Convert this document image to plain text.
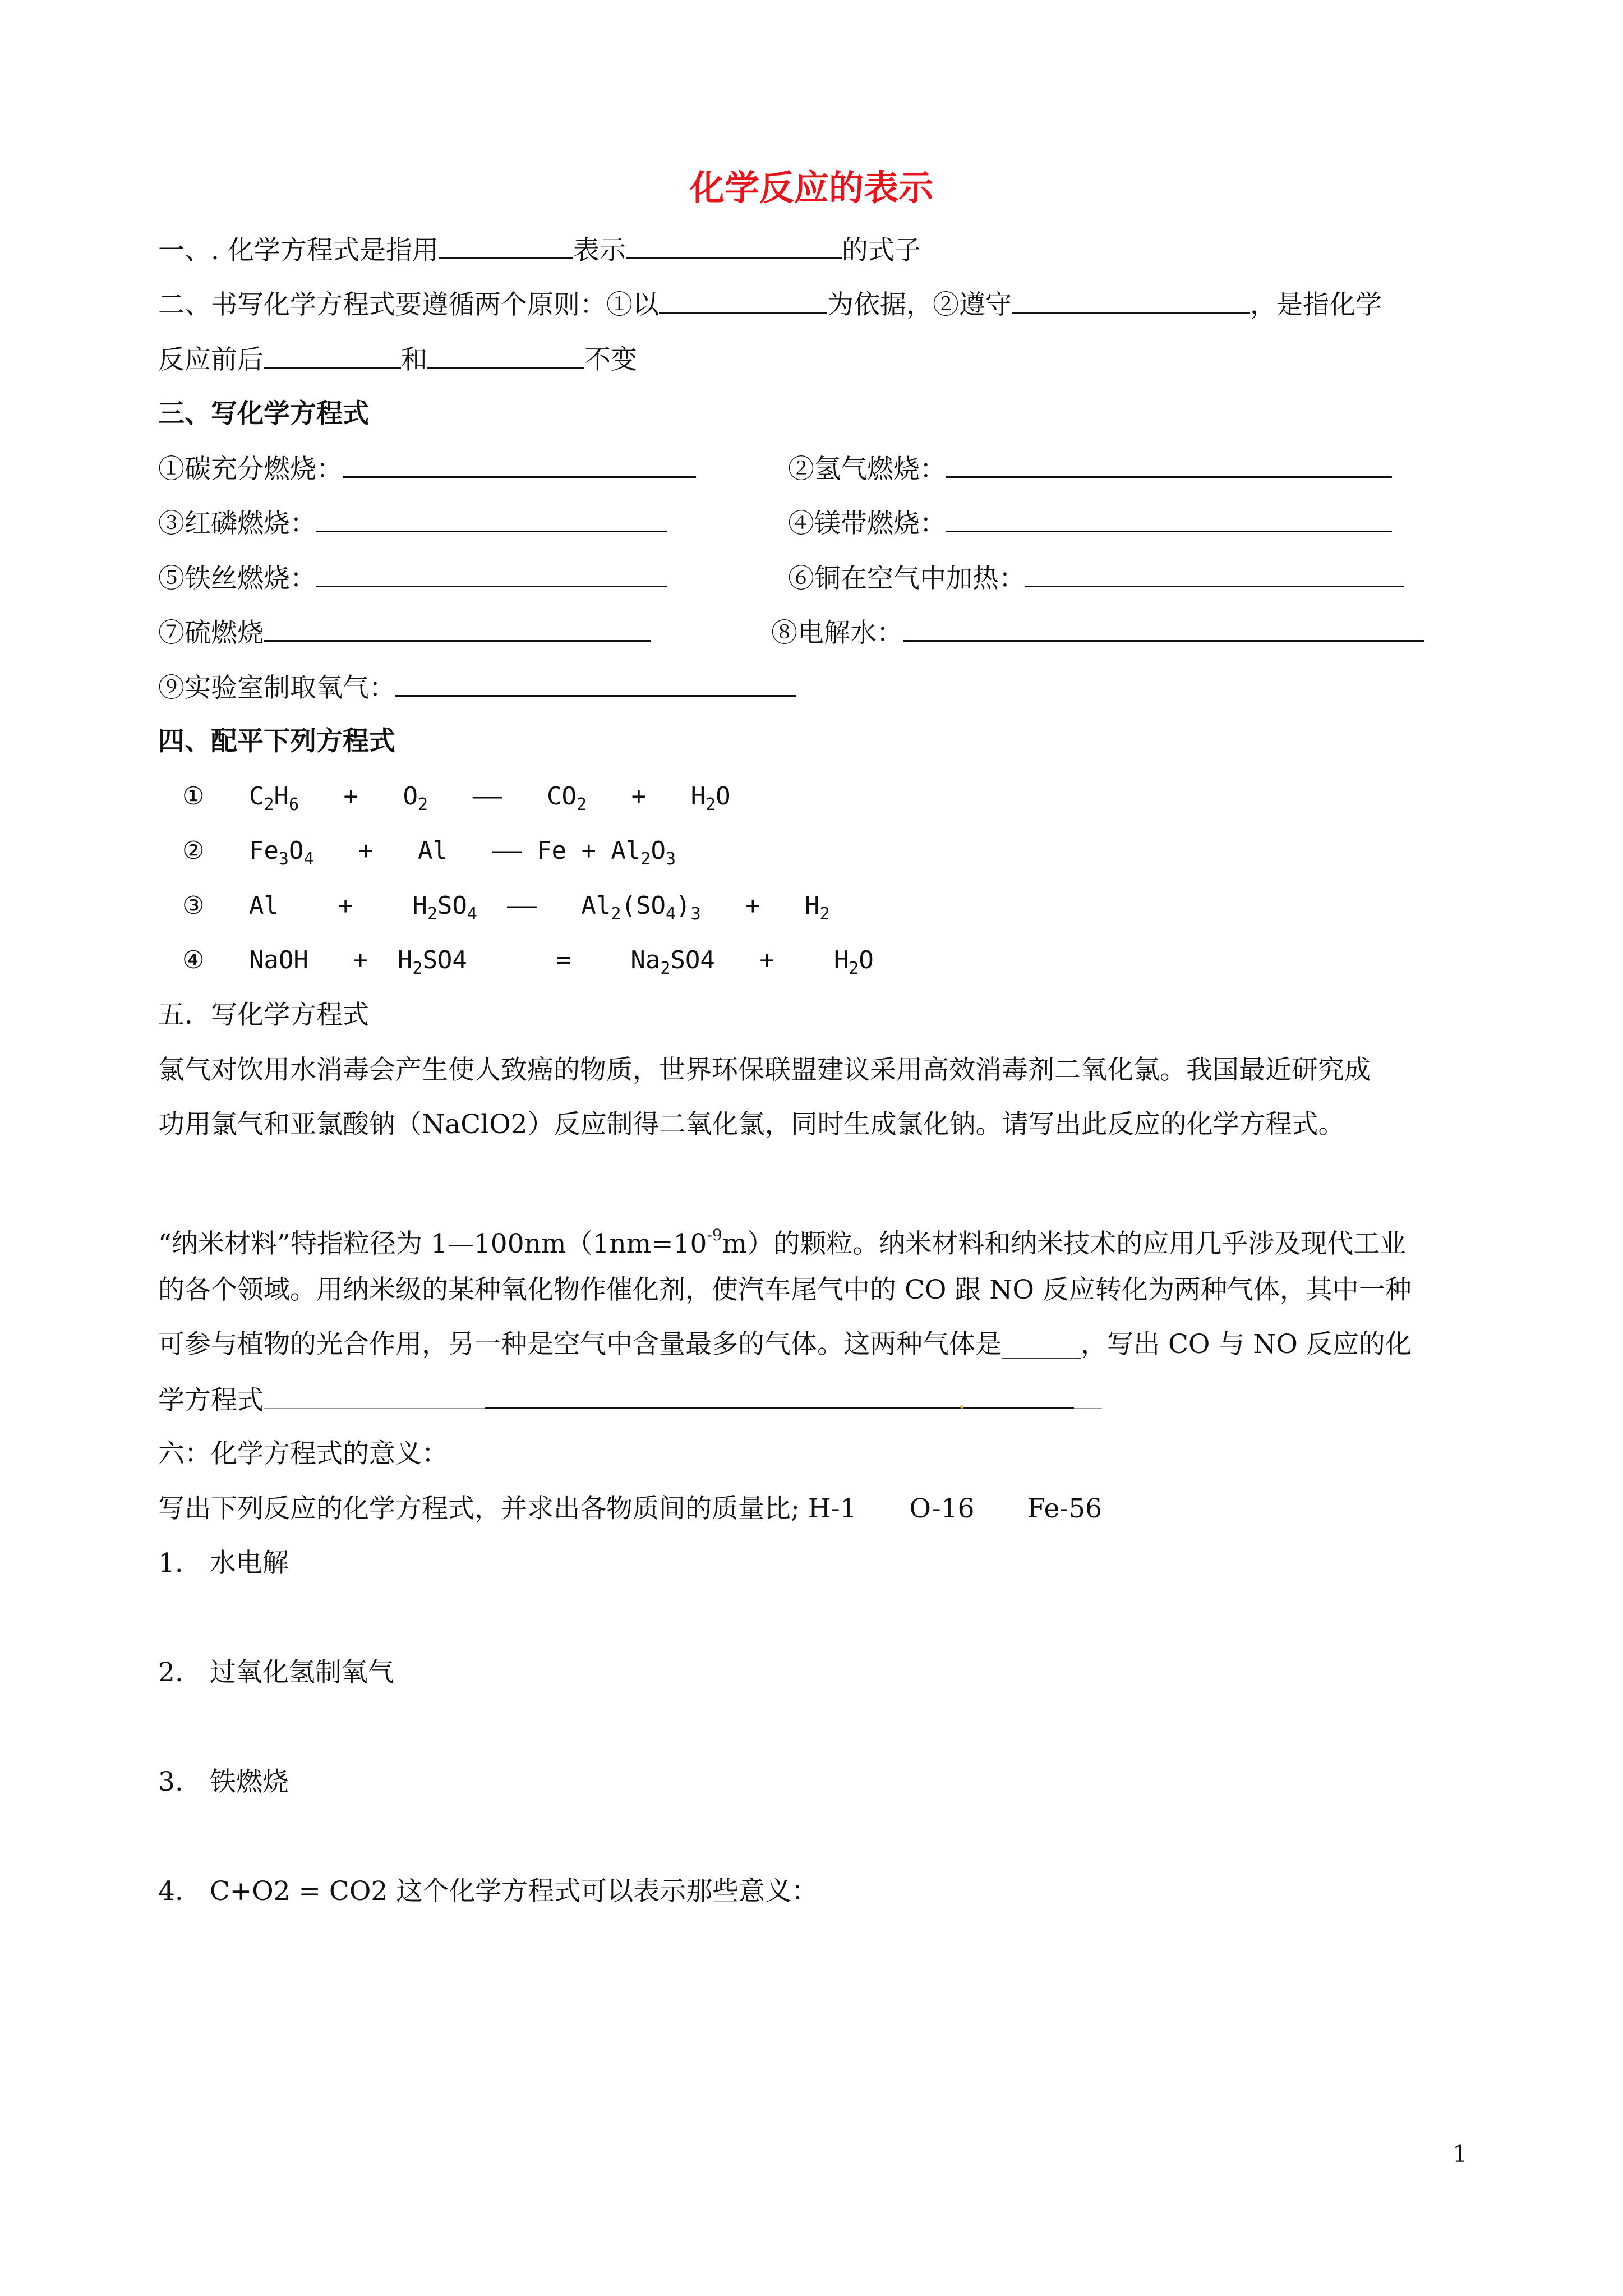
化学反应的表示
一、. 化学方程式是指用	表示	的式子
二、书写化学方程式要遵循两个原则：①以	为依据，②遵守	，是指化学
反应前后	和	不变
三、写化学方程式
①碳充分燃烧：	②氢气燃烧：
③红磷燃烧：	④镁带燃烧：
⑤铁丝燃烧：	⑥铜在空气中加热：
⑦硫燃烧	⑧电解水：
⑨实验室制取氧气：
四、配平下列方程式
① $C_2H_6 + O_2$ —— $CO_2 + H_2O$
② $Fe_3O_4 + Al$ —— $Fe + Al_2O_3$
③ $Al + H_2SO_4$ —— $Al_2(SO_4)_3 + H_2$
④ NaOH + $H_2SO4$	= $Na_2SO4 + H_2O$
五．写化学方程式
氯气对饮用水消毒会产生使人致癌的物质，世界环保联盟建议采用高效消毒剂二氧化氯。我国最近研究成
功用氯气和亚氯酸钠（NaClO2）反应制得二氧化氯，同时生成氯化钠。请写出此反应的化学方程式。
“纳米材料”特指粒径为 $1—100nm(1nm=10^{-9}m)$的颗粒。纳米材料和纳米技术的应用几乎涉及现代工业
的各个领域。用纳米级的某种氧化物作催化剂，使汽车尾气中的 CO 跟 NO 反应转化为两种气体，其中一种
可参与植物的光合作用，另一种是空气中含量最多的气体。这两种气体是______，写出 CO 与 NO 反应的化
学方程式
六：化学方程式的意义：
写出下列反应的化学方程式，并求出各物质间的质量比; H-1　　O-16　　Fe-56
1.　水电解
2.　过氧化氢制氧气
3.　铁燃烧
4.　C+O2 = CO2 这个化学方程式可以表示那些意义：
1
